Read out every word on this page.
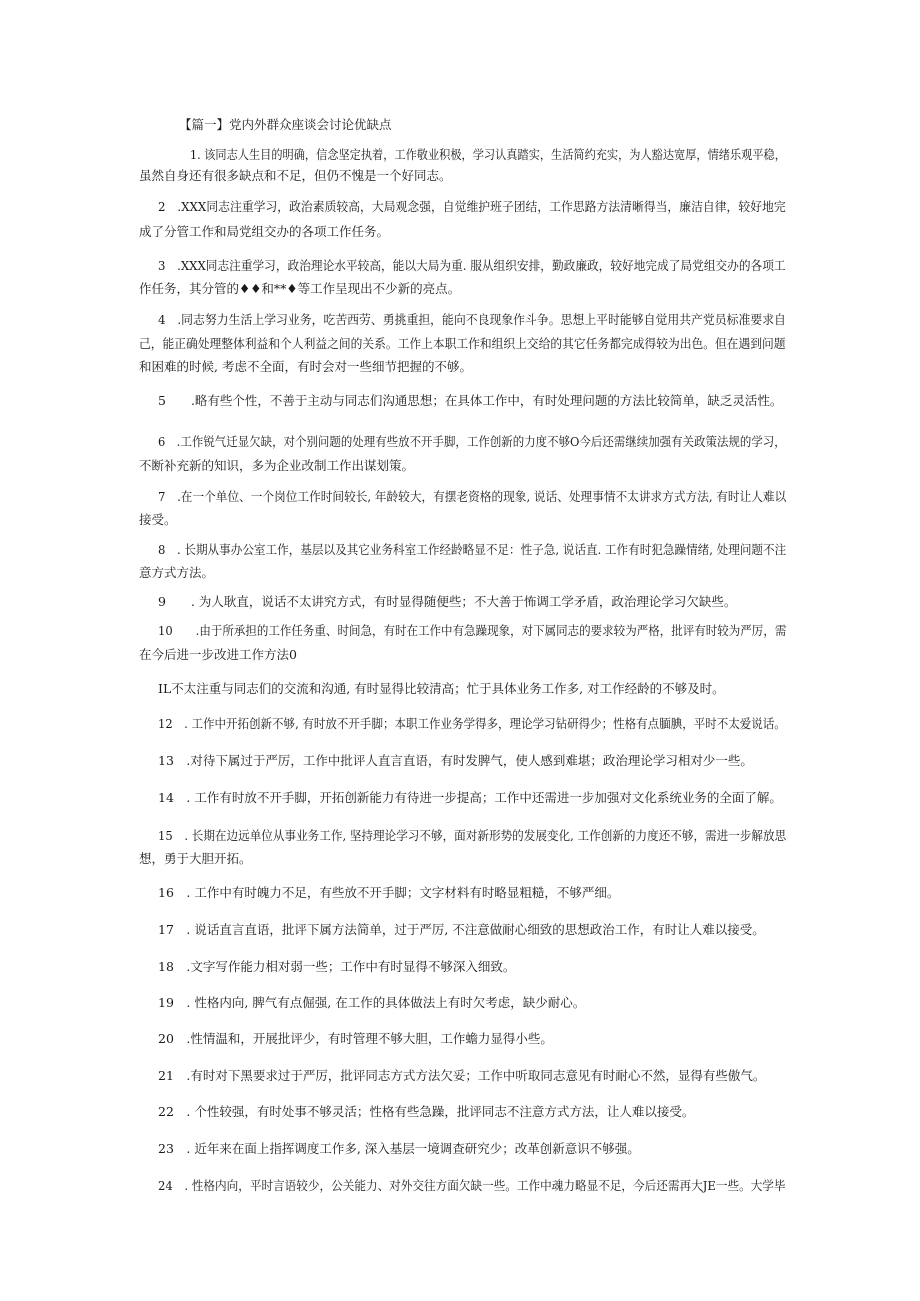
【篇一】党内外群众座谈会讨论优缺点
1. 该同志人生目的明确，信念坚定执着，工作敬业积极，学习认真踏实，生活简约充实，为人豁达宽厚，情绪乐观平稳，
虽然自身还有很多缺点和不足，但仍不愧是一个好同志。
2　.XXX同志注重学习，政治素质较高，大局观念强，自觉维护班子团结，工作思路方法清晰得当，廉洁自律，较好地完
成了分管工作和局党组交办的各项工作任务。
3　.XXX同志注重学习，政治理论水平较高，能以大局为重. 服从组织安排，勤政廉政，较好地完成了局党组交办的各项工
作任务，其分管的♦♦和**♦等工作呈现出不少新的亮点。
4　.同志努力生活上学习业务，吃苦西劳、勇挑重担，能向不良现象作斗争。思想上平时能够自觉用共产党员标准要求自
己，能正确处理整体利益和个人利益之间的关系。工作上本职工作和组织上交给的其它任务都完成得较为出色。但在遇到问题
和困难的时候, 考虑不全面，有时会对一些细节把握的不够。
5　　.略有些个性，不善于主动与同志们沟通思想；在具体工作中，有时处理问题的方法比较简单，缺乏灵活性。
6　.工作锐气迁显欠缺，对个别问题的处理有些放不开手脚，工作创新的力度不够O今后还需继续加强有关政策法规的学习，
不断补充新的知识，多为企业改制工作出谋划策。
7　.在一个单位、一个岗位工作时间较长, 年龄较大，有摆老资格的现象, 说话、处理事情不太讲求方式方法, 有时让人难以
接受。
8　. 长期从事办公室工作，基层以及其它业务科室工作经龄略显不足：性子急, 说话直. 工作有时犯急躁情绪, 处理问题不注
意方式方法。
9　　. 为人耿直，说话不太讲究方式，有时显得随便些；不大善于怖调工学矛盾，政治理论学习欠缺些。
10　　.由于所承担的工作任务重、时间急，有时在工作中有急躁现象，对下属同志的要求较为严格，批评有时较为严厉，需
在今后进一步改进工作方法0
IL不太注重与同志们的交流和沟通, 有时显得比较清高；忙于具体业务工作多, 对工作经龄的不够及时。
12　. 工作中开拓创新不够, 有时放不开手脚；本职工作业务学得多，理论学习钻研得少；性格有点腼腆，平时不太爱说话。
13　.对待下属过于严厉，工作中批评人直言直语，有时发脾气，使人感到难堪；政治理论学习相对少一些。
14　. 工作有时放不开手脚，开拓创新能力有待进一步提高；工作中还需进一步加强对文化系统业务的全面了解。
15　. 长期在边远单位从事业务工作, 坚持理论学习不够，面对新形势的发展变化, 工作创新的力度还不够，需进一步解放思
想，勇于大胆开拓。
16　. 工作中有时魄力不足，有些放不开手脚；文字材料有时略显粗糙，不够严细。
17　. 说话直言直语，批评下属方法简单，过于严厉, 不注意做耐心细致的思想政治工作，有时让人难以接受。
18　.文字写作能力相对弱一些；工作中有时显得不够深入细致。
19　. 性格内向, 脾气有点倔强, 在工作的具体做法上有时欠考虑，缺少耐心。
20　.性情温和，开展批评少，有时管理不够大胆，工作蟾力显得小些。
21　.有时对下黑要求过于严厉，批评同志方式方法欠妥；工作中听取同志意见有时耐心不然，显得有些傲气。
22　. 个性较强，有时处事不够灵活；性格有些急躁，批评同志不注意方式方法，让人难以接受。
23　. 近年来在面上指挥调度工作多, 深入基层一境调查研究少；改革创新意识不够强。
24　. 性格内向，平时言语较少，公关能力、对外交往方面欠缺一些。工作中魂力略显不足，今后还需再大JE一些。大学毕
